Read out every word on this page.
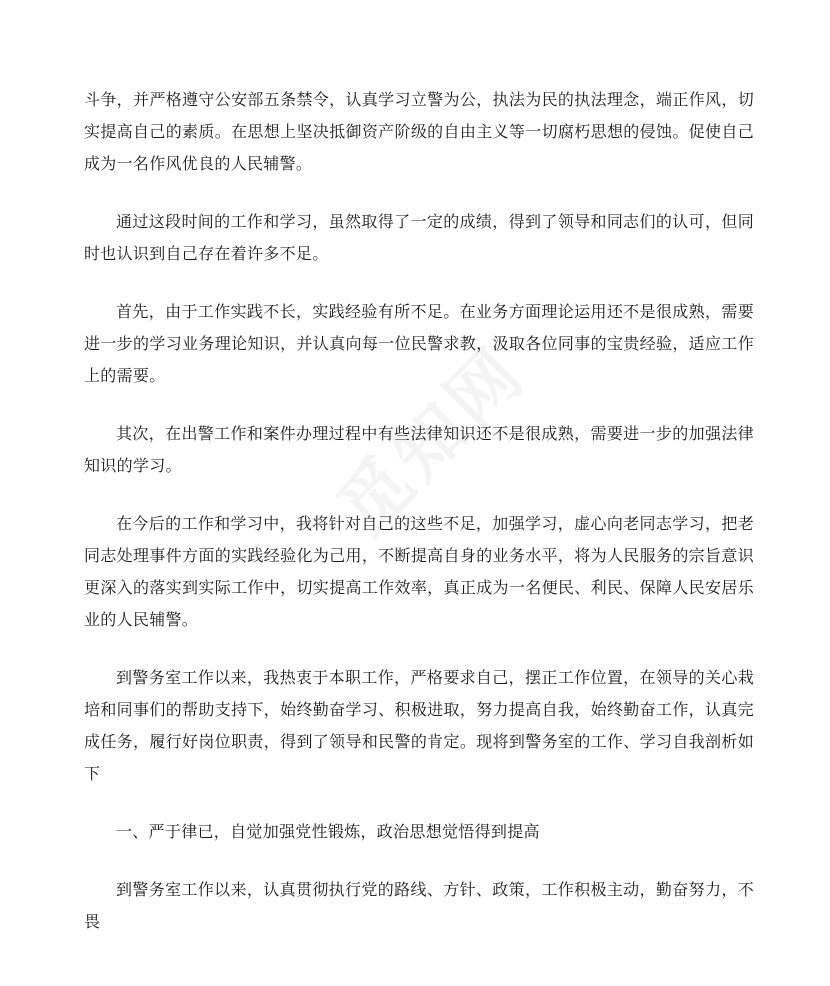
斗争，并严格遵守公安部五条禁令，认真学习立警为公，执法为民的执法理念，端正作风，切实提高自己的素质。在思想上坚决抵御资产阶级的自由主义等一切腐朽思想的侵蚀。促使自己成为一名作风优良的人民辅警。

通过这段时间的工作和学习，虽然取得了一定的成绩，得到了领导和同志们的认可，但同时也认识到自己存在着许多不足。

首先，由于工作实践不长，实践经验有所不足。在业务方面理论运用还不是很成熟，需要进一步的学习业务理论知识，并认真向每一位民警求教，汲取各位同事的宝贵经验，适应工作上的需要。

其次，在出警工作和案件办理过程中有些法律知识还不是很成熟，需要进一步的加强法律知识的学习。

在今后的工作和学习中，我将针对自己的这些不足，加强学习，虚心向老同志学习，把老同志处理事件方面的实践经验化为己用，不断提高自身的业务水平，将为人民服务的宗旨意识更深入的落实到实际工作中，切实提高工作效率，真正成为一名便民、利民、保障人民安居乐业的人民辅警。

到警务室工作以来，我热衷于本职工作，严格要求自己，摆正工作位置，在领导的关心栽培和同事们的帮助支持下，始终勤奋学习、积极进取，努力提高自我，始终勤奋工作，认真完成任务，履行好岗位职责，得到了领导和民警的肯定。现将到警务室的工作、学习自我剖析如下

一、严于律已，自觉加强党性锻炼，政治思想觉悟得到提高

到警务室工作以来，认真贯彻执行党的路线、方针、政策，工作积极主动，勤奋努力，不畏
